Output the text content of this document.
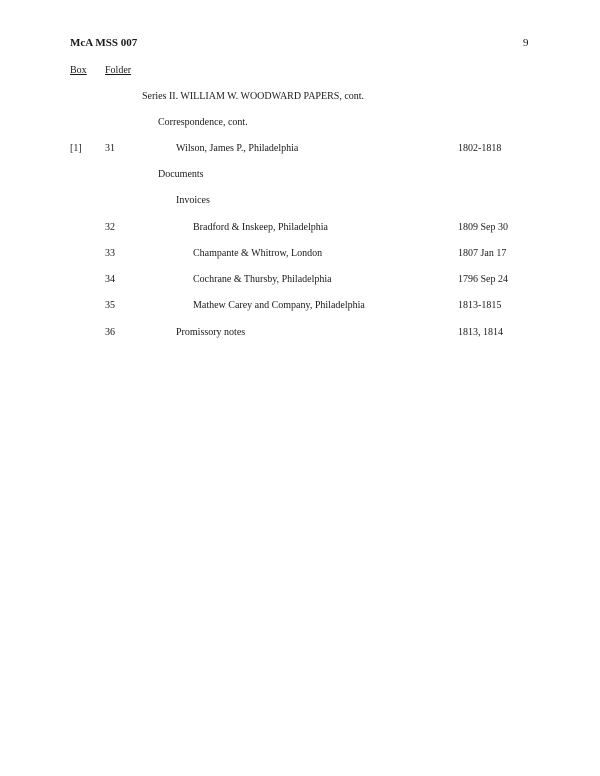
McA MSS 007	9
Box Folder
Series II. WILLIAM W. WOODWARD PAPERS, cont.
Correspondence, cont.
[1] 31	Wilson, James P., Philadelphia	1802-1818
Documents
Invoices
32	Bradford & Inskeep, Philadelphia	1809 Sep 30
33	Champante & Whitrow, London	1807 Jan 17
34	Cochrane & Thursby, Philadelphia	1796 Sep 24
35	Mathew Carey and Company, Philadelphia	1813-1815
36	Promissory notes	1813, 1814
